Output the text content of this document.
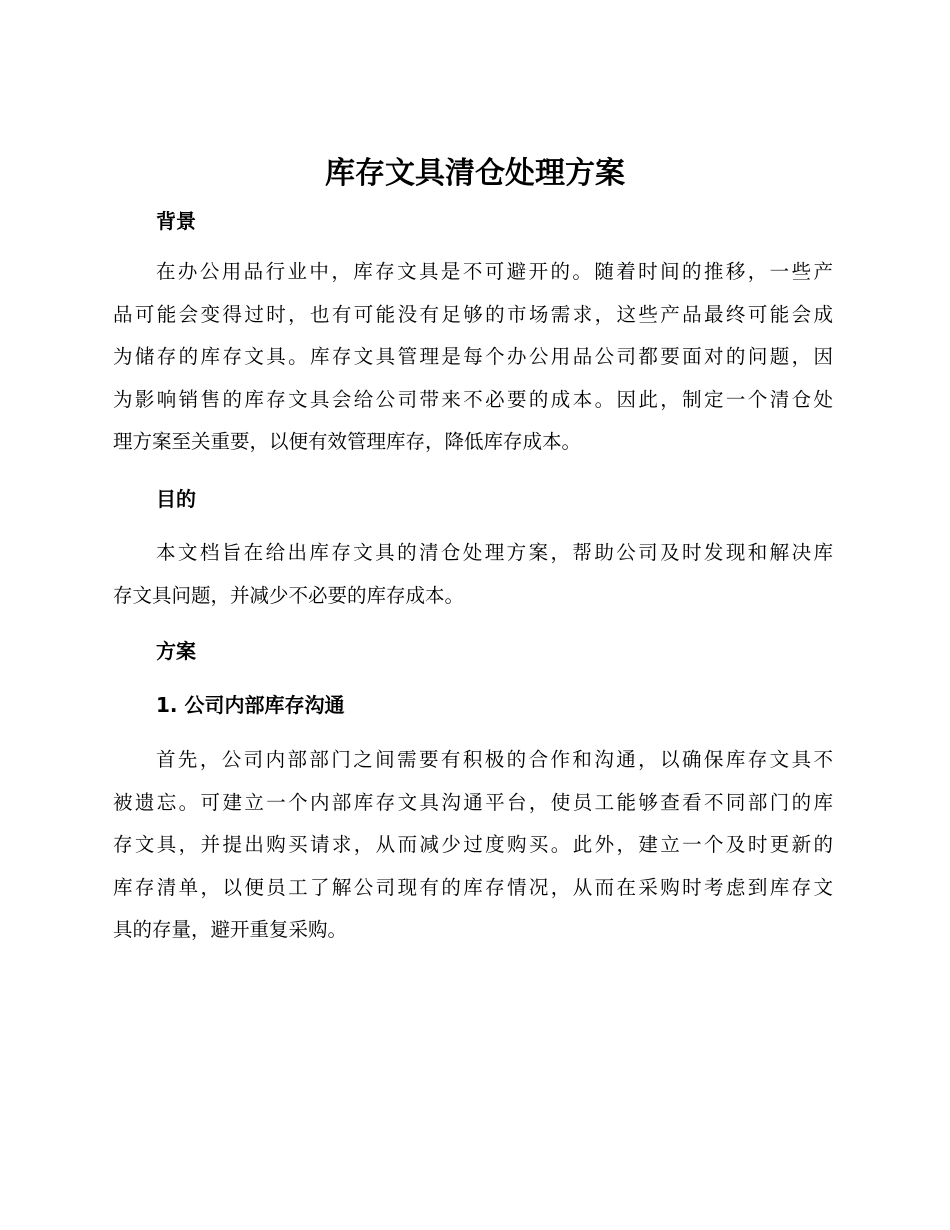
库存文具清仓处理方案
背景

在办公用品行业中，库存文具是不可避开的。随着时间的推移，一些产
品可能会变得过时，也有可能没有足够的市场需求，这些产品最终可能会成
为储存的库存文具。库存文具管理是每个办公用品公司都要面对的问题，因
为影响销售的库存文具会给公司带来不必要的成本。因此，制定一个清仓处
理方案至关重要，以便有效管理库存，降低库存成本。

目的

本文档旨在给出库存文具的清仓处理方案，帮助公司及时发现和解决库
存文具问题，并减少不必要的库存成本。

方案
1. 公司内部库存沟通

首先，公司内部部门之间需要有积极的合作和沟通，以确保库存文具不
被遗忘。可建立一个内部库存文具沟通平台，使员工能够查看不同部门的库
存文具，并提出购买请求，从而减少过度购买。此外，建立一个及时更新的
库存清单，以便员工了解公司现有的库存情况，从而在采购时考虑到库存文
具的存量，避开重复采购。
